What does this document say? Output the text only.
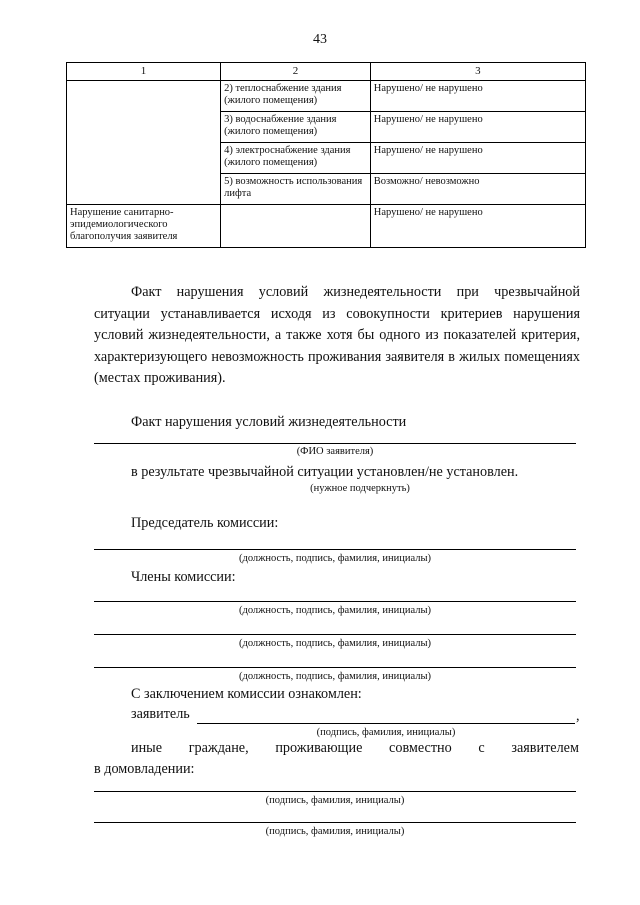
43
1	2	3
	2) теплоснабжение здания (жилого помещения)	Нарушено/ не нарушено
	3) водоснабжение здания (жилого помещения)	Нарушено/ не нарушено
	4) электроснабжение здания (жилого помещения)	Нарушено/ не нарушено
	5) возможность использования лифта	Возможно/ невозможно
Нарушение санитарно-эпидемиологического благополучия заявителя		Нарушено/ не нарушено
Факт нарушения условий жизнедеятельности при чрезвычайной ситуации устанавливается исходя из совокупности критериев нарушения условий жизнедеятельности, а также хотя бы одного из показателей критерия, характеризующего невозможность проживания заявителя в жилых помещениях (местах проживания).
Факт нарушения условий жизнедеятельности
(ФИО заявителя)
в результате чрезвычайной ситуации установлен/не установлен.
(нужное подчеркнуть)
Председатель комиссии:
(должность, подпись, фамилия, инициалы)
Члены комиссии:
(должность, подпись, фамилия, инициалы)
(должность, подпись, фамилия, инициалы)
(должность, подпись, фамилия, инициалы)
С заключением комиссии ознакомлен:
заявитель	,
(подпись, фамилия, инициалы)
иные граждане, проживающие совместно с заявителем
в домовладении:
(подпись, фамилия, инициалы)
(подпись, фамилия, инициалы)
